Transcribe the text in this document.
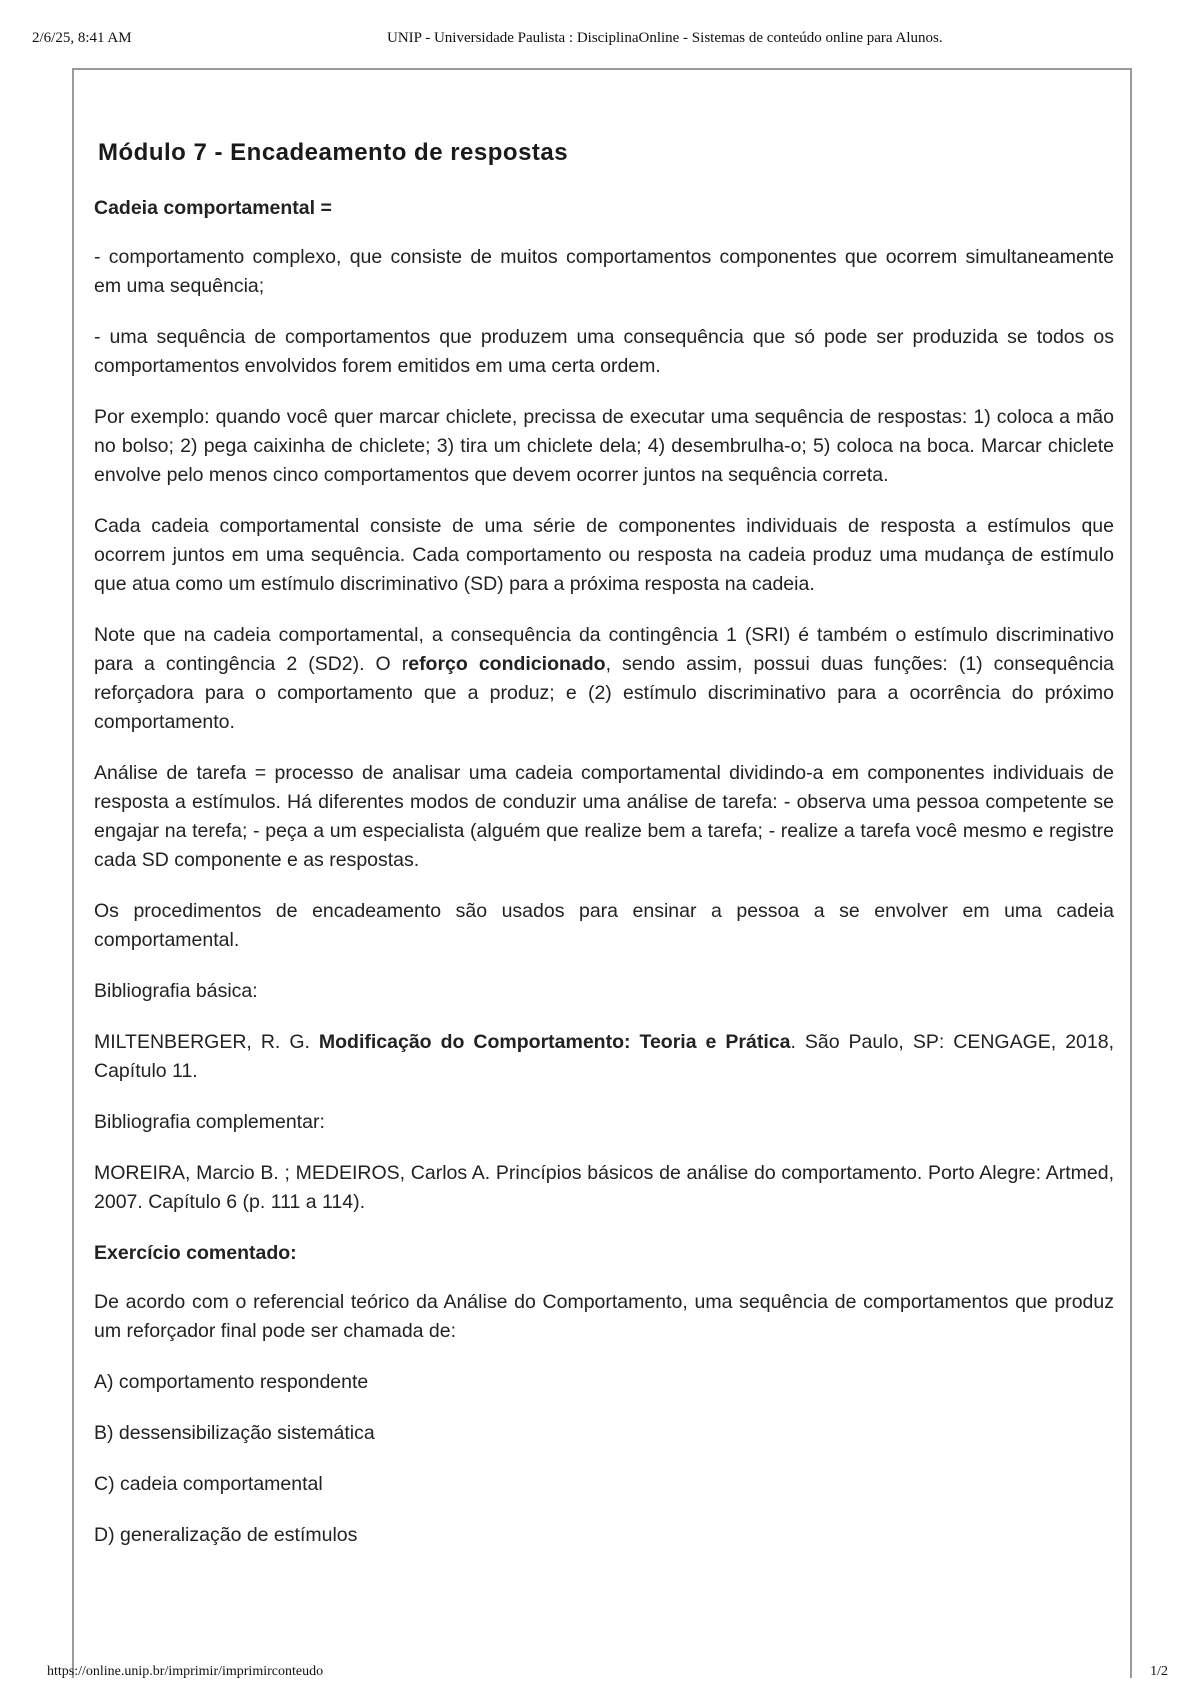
2/6/25, 8:41 AM	UNIP - Universidade Paulista : DisciplinaOnline - Sistemas de conteúdo online para Alunos.
Módulo 7 - Encadeamento de respostas

Cadeia comportamental =

- comportamento complexo, que consiste de muitos comportamentos componentes que ocorrem simultaneamente em uma sequência;

- uma sequência de comportamentos que produzem uma consequência que só pode ser produzida se todos os comportamentos envolvidos forem emitidos em uma certa ordem.

Por exemplo: quando você quer marcar chiclete, precissa de executar uma sequência de respostas: 1) coloca a mão no bolso; 2) pega caixinha de chiclete; 3) tira um chiclete dela; 4) desembrulha-o; 5) coloca na boca. Marcar chiclete envolve pelo menos cinco comportamentos que devem ocorrer juntos na sequência correta.

Cada cadeia comportamental consiste de uma série de componentes individuais de resposta a estímulos que ocorrem juntos em uma sequência. Cada comportamento ou resposta na cadeia produz uma mudança de estímulo que atua como um estímulo discriminativo (SD) para a próxima resposta na cadeia.

Note que na cadeia comportamental, a consequência da contingência 1 (SRI) é também o estímulo discriminativo para a contingência 2 (SD2). O reforço condicionado, sendo assim, possui duas funções: (1) consequência reforçadora para o comportamento que a produz; e (2) estímulo discriminativo para a ocorrência do próximo comportamento.

Análise de tarefa = processo de analisar uma cadeia comportamental dividindo-a em componentes individuais de resposta a estímulos. Há diferentes modos de conduzir uma análise de tarefa: - observa uma pessoa competente se engajar na terefa; - peça a um especialista (alguém que realize bem a tarefa; - realize a tarefa você mesmo e registre cada SD componente e as respostas.

Os procedimentos de encadeamento são usados para ensinar a pessoa a se envolver em uma cadeia comportamental.

Bibliografia básica:

MILTENBERGER, R. G. Modificação do Comportamento: Teoria e Prática. São Paulo, SP: CENGAGE, 2018, Capítulo 11.

Bibliografia complementar:

MOREIRA, Marcio B. ; MEDEIROS, Carlos A. Princípios básicos de análise do comportamento. Porto Alegre: Artmed, 2007. Capítulo 6 (p. 111 a 114).

Exercício comentado:

De acordo com o referencial teórico da Análise do Comportamento, uma sequência de comportamentos que produz um reforçador final pode ser chamada de:

A) comportamento respondente

B) dessensibilização sistemática

C) cadeia comportamental

D) generalização de estímulos

https://online.unip.br/imprimir/imprimirconteudo	1/2
